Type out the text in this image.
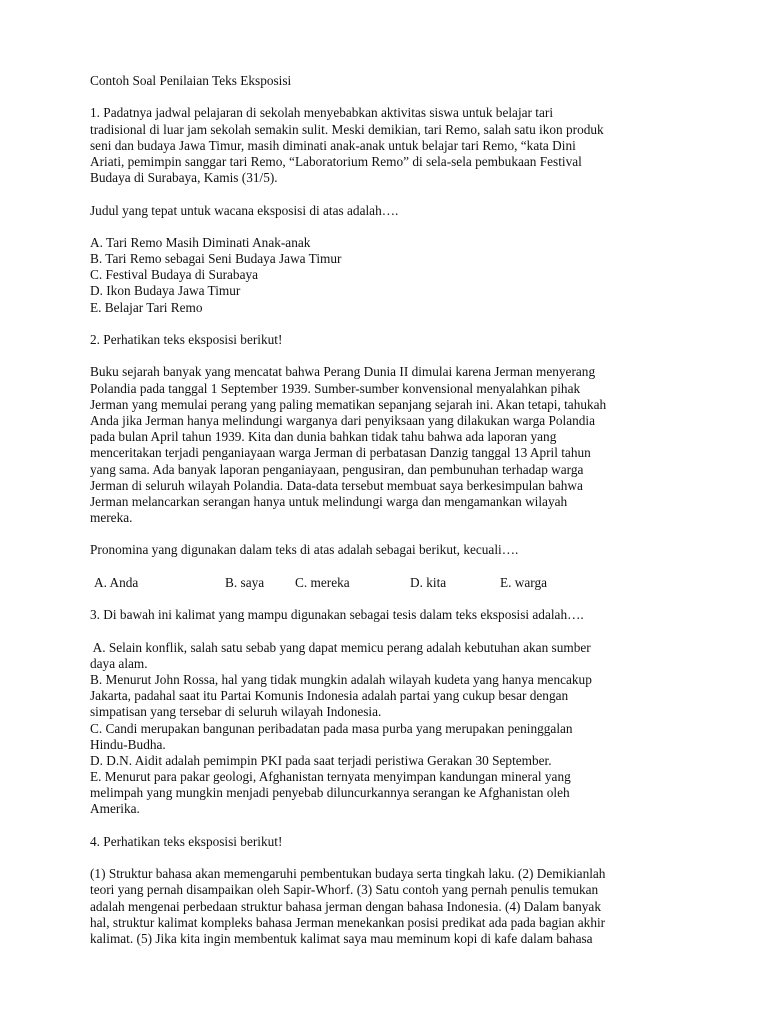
Contoh Soal Penilaian Teks Eksposisi
1. Padatnya jadwal pelajaran di sekolah menyebabkan aktivitas siswa untuk belajar tari
tradisional di luar jam sekolah semakin sulit. Meski demikian, tari Remo, salah satu ikon produk
seni dan budaya Jawa Timur, masih diminati anak-anak untuk belajar tari Remo, “kata Dini
Ariati, pemimpin sanggar tari Remo, “Laboratorium Remo” di sela-sela pembukaan Festival
Budaya di Surabaya, Kamis (31/5).
Judul yang tepat untuk wacana eksposisi di atas adalah….
A. Tari Remo Masih Diminati Anak-anak
B. Tari Remo sebagai Seni Budaya Jawa Timur
C. Festival Budaya di Surabaya
D. Ikon Budaya Jawa Timur
E. Belajar Tari Remo
2. Perhatikan teks eksposisi berikut!
Buku sejarah banyak yang mencatat bahwa Perang Dunia II dimulai karena Jerman menyerang
Polandia pada tanggal 1 September 1939. Sumber-sumber konvensional menyalahkan pihak
Jerman yang memulai perang yang paling mematikan sepanjang sejarah ini. Akan tetapi, tahukah
Anda jika Jerman hanya melindungi warganya dari penyiksaan yang dilakukan warga Polandia
pada bulan April tahun 1939. Kita dan dunia bahkan tidak tahu bahwa ada laporan yang
menceritakan terjadi penganiayaan warga Jerman di perbatasan Danzig tanggal 13 April tahun
yang sama. Ada banyak laporan penganiayaan, pengusiran, dan pembunuhan terhadap warga
Jerman di seluruh wilayah Polandia. Data-data tersebut membuat saya berkesimpulan bahwa
Jerman melancarkan serangan hanya untuk melindungi warga dan mengamankan wilayah
mereka.
Pronomina yang digunakan dalam teks di atas adalah sebagai berikut, kecuali….
A. Anda	B. saya C. mereka	D. kita	E. warga
3. Di bawah ini kalimat yang mampu digunakan sebagai tesis dalam teks eksposisi adalah….
A. Selain konflik, salah satu sebab yang dapat memicu perang adalah kebutuhan akan sumber
daya alam.
B. Menurut John Rossa, hal yang tidak mungkin adalah wilayah kudeta yang hanya mencakup
Jakarta, padahal saat itu Partai Komunis Indonesia adalah partai yang cukup besar dengan
simpatisan yang tersebar di seluruh wilayah Indonesia.
C. Candi merupakan bangunan peribadatan pada masa purba yang merupakan peninggalan
Hindu-Budha.
D. D.N. Aidit adalah pemimpin PKI pada saat terjadi peristiwa Gerakan 30 September.
E. Menurut para pakar geologi, Afghanistan ternyata menyimpan kandungan mineral yang
melimpah yang mungkin menjadi penyebab diluncurkannya serangan ke Afghanistan oleh
Amerika.
4. Perhatikan teks eksposisi berikut!
(1) Struktur bahasa akan memengaruhi pembentukan budaya serta tingkah laku. (2) Demikianlah
teori yang pernah disampaikan oleh Sapir-Whorf. (3) Satu contoh yang pernah penulis temukan
adalah mengenai perbedaan struktur bahasa jerman dengan bahasa Indonesia. (4) Dalam banyak
hal, struktur kalimat kompleks bahasa Jerman menekankan posisi predikat ada pada bagian akhir
kalimat. (5) Jika kita ingin membentuk kalimat saya mau meminum kopi di kafe dalam bahasa
